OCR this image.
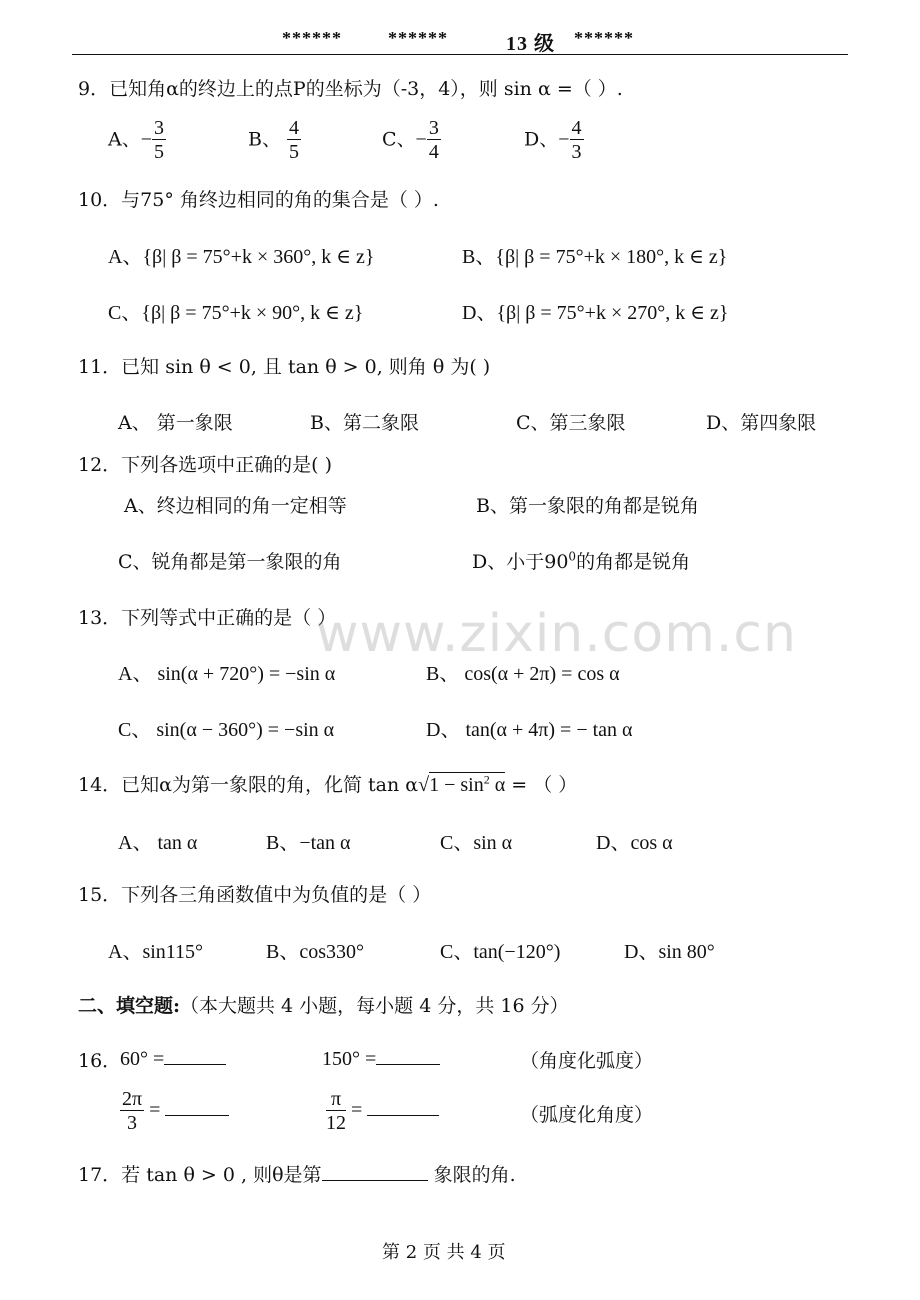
******	******	13 级 ******
www.zixin.com.cn
9．已知角α的终边上的点P的坐标为（-3，4），则 sin α =（ ）.
A、− $\frac{3}{5}$	B、 $\frac{4}{5}$	C、− $\frac{3}{4}$	D、− $\frac{4}{3}$
10．与75° 角终边相同的角的集合是（ ）.
A、{β| β = 75°+k × 360°, k ∈ z}	B、{β| β = 75°+k × 180°, k ∈ z}
C、{β| β = 75°+k × 90°, k ∈ z}	D、{β| β = 75°+k × 270°, k ∈ z}
11．已知 sin θ < 0, 且 tan θ > 0, 则角 θ 为( )
A、 第一象限	B、第二象限	C、第三象限	D、第四象限
12．下列各选项中正确的是( )
A、终边相同的角一定相等	B、第一象限的角都是锐角
C、锐角都是第一象限的角	D、小于$90^0$的角都是锐角
13．下列等式中正确的是（ ）
A、 sin(α + 720°) = −sin α	B、 cos(α + 2π) = cos α
C、 sin(α − 360°) = −sin α	D、 tan(α + 4π) = − tan α
14．已知α为第一象限的角，化简 $\tan \alpha√1 - \sin^2 \alpha$ = （ ）
A、 tan α	B、−tan α	C、sin α	D、cos α
15．下列各三角函数值中为负值的是（ ）
A、sin115°	B、cos330°	C、tan(−120°)	D、sin 80°
二、填空题:（本大题共 4 小题，每小题 4 分，共 16 分）
16．
60° =	150° =	（角度化弧度）
$\frac{2\pi}{3}$ =	$\frac{\pi}{12}$ =	（弧度化角度）
17．若 tan θ > 0 , 则θ是第	象限的角.
第 2 页 共 4 页
